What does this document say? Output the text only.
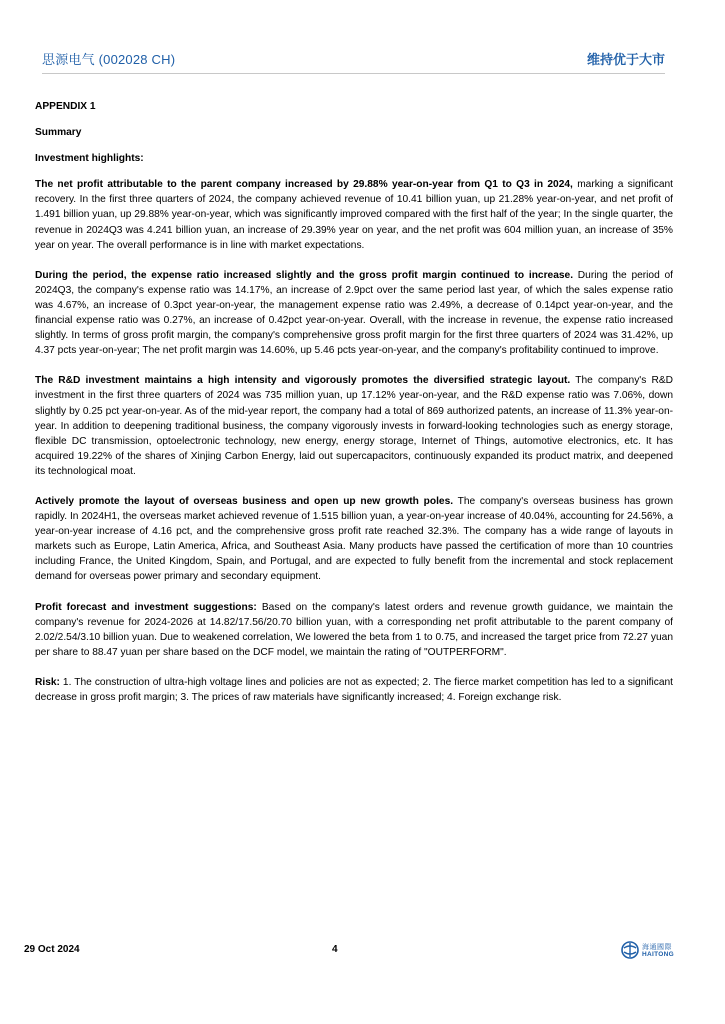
思源电气 (002028 CH)	维持优于大市
APPENDIX 1
Summary
Investment highlights:

The net profit attributable to the parent company increased by 29.88% year-on-year from Q1 to Q3 in 2024, marking a significant recovery. In the first three quarters of 2024, the company achieved revenue of 10.41 billion yuan, up 21.28% year-on-year, and net profit of 1.491 billion yuan, up 29.88% year-on-year, which was significantly improved compared with the first half of the year; In the single quarter, the revenue in 2024Q3 was 4.241 billion yuan, an increase of 29.39% year on year, and the net profit was 604 million yuan, an increase of 35% year on year. The overall performance is in line with market expectations.

During the period, the expense ratio increased slightly and the gross profit margin continued to increase. During the period of 2024Q3, the company's expense ratio was 14.17%, an increase of 2.9pct over the same period last year, of which the sales expense ratio was 4.67%, an increase of 0.3pct year-on-year, the management expense ratio was 2.49%, a decrease of 0.14pct year-on-year, and the financial expense ratio was 0.27%, an increase of 0.42pct year-on-year. Overall, with the increase in revenue, the expense ratio increased slightly. In terms of gross profit margin, the company's comprehensive gross profit margin for the first three quarters of 2024 was 31.42%, up 4.37 pcts year-on-year; The net profit margin was 14.60%, up 5.46 pcts year-on-year, and the company's profitability continued to improve.

The R&D investment maintains a high intensity and vigorously promotes the diversified strategic layout. The company's R&D investment in the first three quarters of 2024 was 735 million yuan, up 17.12% year-on-year, and the R&D expense ratio was 7.06%, down slightly by 0.25 pct year-on-year. As of the mid-year report, the company had a total of 869 authorized patents, an increase of 11.3% year-on-year. In addition to deepening traditional business, the company vigorously invests in forward-looking technologies such as energy storage, flexible DC transmission, optoelectronic technology, new energy, energy storage, Internet of Things, automotive electronics, etc. It has acquired 19.22% of the shares of Xinjing Carbon Energy, laid out supercapacitors, continuously expanded its product matrix, and deepened its technological moat.

Actively promote the layout of overseas business and open up new growth poles. The company's overseas business has grown rapidly. In 2024H1, the overseas market achieved revenue of 1.515 billion yuan, a year-on-year increase of 40.04%, accounting for 24.56%, a year-on-year increase of 4.16 pct, and the comprehensive gross profit rate reached 32.3%. The company has a wide range of layouts in markets such as Europe, Latin America, Africa, and Southeast Asia. Many products have passed the certification of more than 10 countries including France, the United Kingdom, Spain, and Portugal, and are expected to fully benefit from the incremental and stock replacement demand for overseas power primary and secondary equipment.

Profit forecast and investment suggestions: Based on the company's latest orders and revenue growth guidance, we maintain the company's revenue for 2024-2026 at 14.82/17.56/20.70 billion yuan, with a corresponding net profit attributable to the parent company of 2.02/2.54/3.10 billion yuan. Due to weakened correlation, We lowered the beta from 1 to 0.75, and increased the target price from 72.27 yuan per share to 88.47 yuan per share based on the DCF model, we maintain the rating of "OUTPERFORM".

Risk: 1. The construction of ultra-high voltage lines and policies are not as expected; 2. The fierce market competition has led to a significant decrease in gross profit margin; 3. The prices of raw materials have significantly increased; 4. Foreign exchange risk.

29 Oct 2024	4	海通國際
HAITONG
